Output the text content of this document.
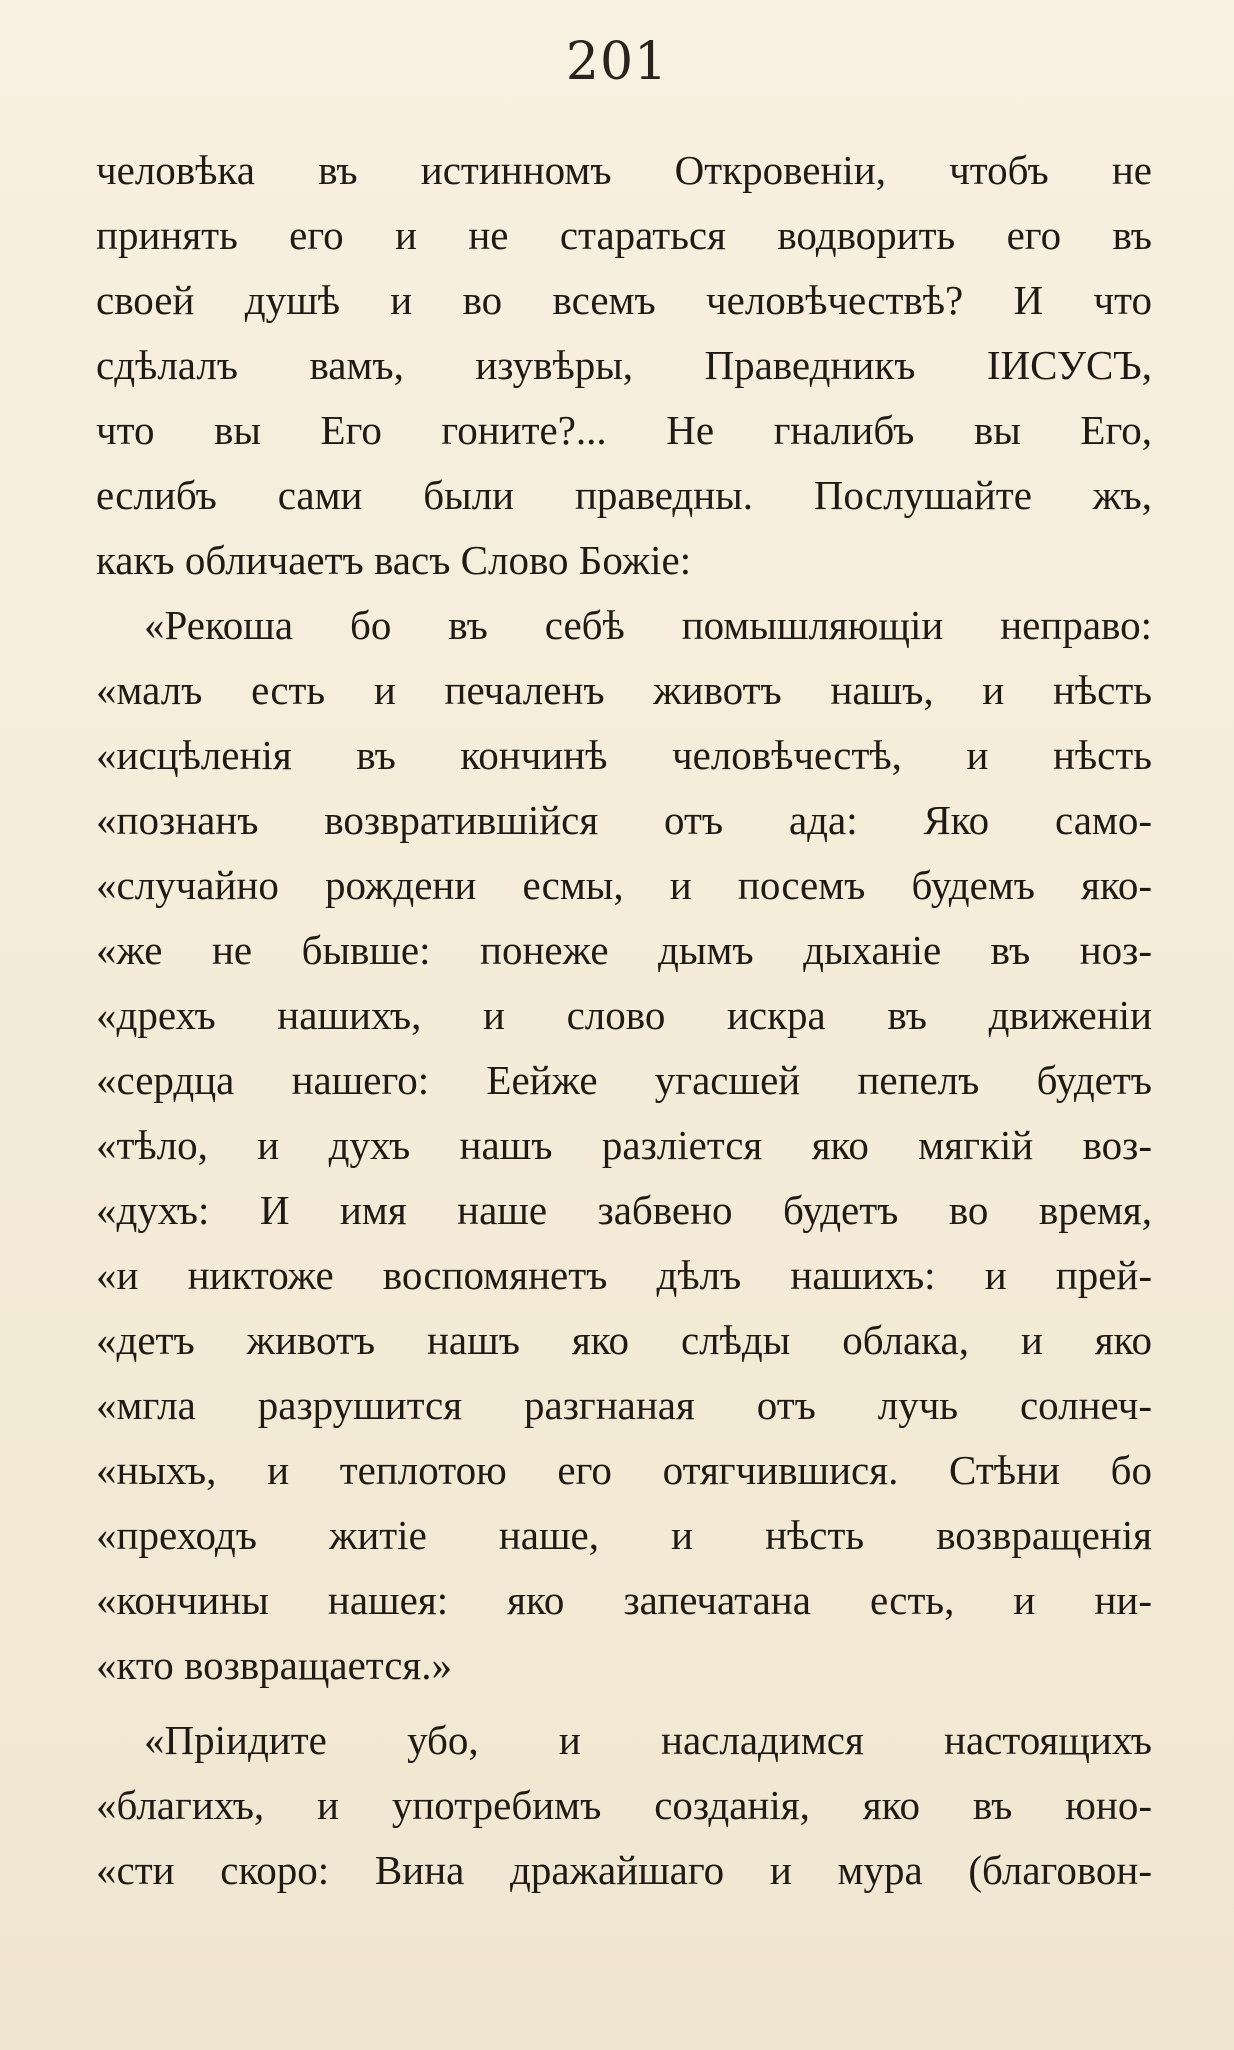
201
человѣка въ истинномъ Откровеніи, чтобъ не
принять его и не стараться водворить его въ
своей душѣ и во всемъ человѣчествѣ? И что
сдѣлалъ вамъ, изувѣры, Праведникъ ІИСУСЪ,
что вы Его гоните?... Не гналибъ вы Его,
еслибъ сами были праведны. Послушайте жъ,
какъ обличаетъ васъ Слово Божіе:
«Рекоша бо въ себѣ помышляющіи неправо:
«малъ есть и печаленъ животъ нашъ, и нѣсть
«исцѣленія въ кончинѣ человѣчестѣ, и нѣсть
«познанъ возвратившійся отъ ада: Яко само-
«случайно рождени есмы, и посемъ будемъ яко-
«же не бывше: понеже дымъ дыханіе въ ноз-
«дрехъ нашихъ, и слово искра въ движеніи
«сердца нашего: Еейже угасшей пепелъ будетъ
«тѣло, и духъ нашъ разліется яко мягкій воз-
«духъ: И имя наше забвено будетъ во время,
«и никтоже воспомянетъ дѣлъ нашихъ: и прей-
«детъ животъ нашъ яко слѣды облака, и яко
«мгла разрушится разгнаная отъ лучь солнеч-
«ныхъ, и теплотою его отягчившися. Стѣни бо
«преходъ житіе наше, и нѣсть возвращенія
«кончины нашея: яко запечатана есть, и ни-
«кто возвращается.»
«Пріидите убо, и насладимся настоящихъ
«благихъ, и употребимъ созданія, яко въ юно-
«сти скоро: Вина дражайшаго и мура (благовон-
